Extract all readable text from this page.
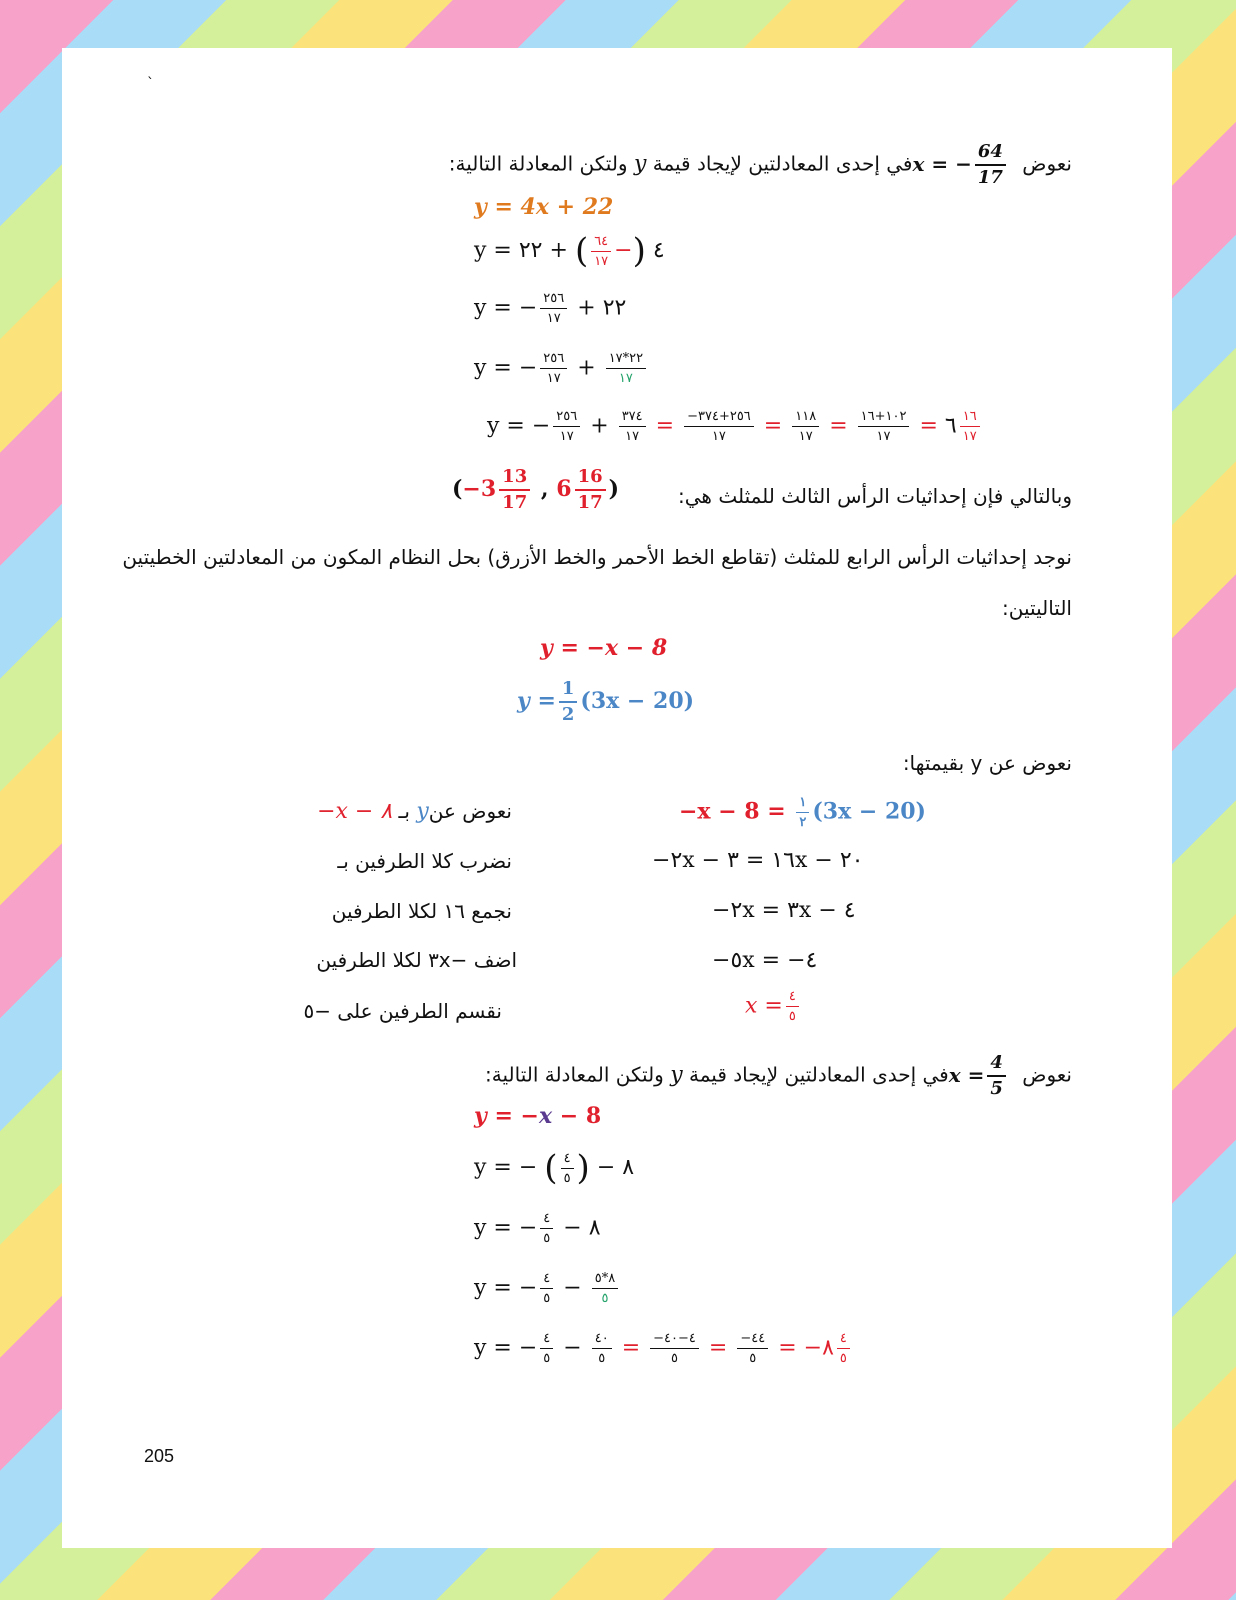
`
نعوض x = − $\frac{64}{17}$
في إحدى المعادلتين لإيجاد قيمة y ولتكن المعادلة التالية:
y = 4x + 22
y = ٤ (−
$\frac{٦٤}{١٧}$
) + ٢٢
y = − $\frac{٢٥٦}{١٧}$ + ٢٢
y = − $\frac{٢٥٦}{١٧} + \frac{٢٢*١٧}{١٧}$
y = − $\frac{٢٥٦}{١٧} + \frac{٣٧٤}{١٧} = \frac{-٢٥٦+٣٧٤}{١٧} = \frac{١١٨}{١٧} = \frac{١٠٢+١٦}{١٧}$ = ٦ $\frac{١٦}{١٧}$
وبالتالي فإن إحداثيات الرأس الثالث للمثلث هي:
($-3 \frac{13}{17}$ , $6 \frac{16}{17}$ )
نوجد إحداثيات الرأس الرابع للمثلث (تقاطع الخط الأحمر والخط الأزرق) بحل النظام المكون من المعادلتين الخطيتين
التاليتين:
y = −x − 8
$y = \frac{1}{2} (3x - 20)$
نعوض عن y بقيمتها:
$-x - 8 = \frac{١}{٢} (3x - 20)$
نعوض عنy بـ −x − ٨
−٢x − ١٦ = ٣x − ٢٠
نضرب كلا الطرفين بـ
−٢x = ٣x − ٤
نجمع ١٦ لكلا الطرفين
−٥x = −٤
اضف −٣x لكلا الطرفين
$x = \frac{٤}{٥}$
نقسم الطرفين على −٥
نعوض $x = \frac{4}{5}$
في إحدى المعادلتين لإيجاد قيمة y ولتكن المعادلة التالية:
y = −x − 8
y = − ( $\frac{٤}{٥}$ ) − ٨
y = − $\frac{٤}{٥}$ − ٨
y = − $\frac{٤}{٥} - \frac{٨*٥}{٥}$
y = − $\frac{٤}{٥} - \frac{٤٠}{٥} = \frac{-٤-٤٠}{٥} = \frac{-٤٤}{٥}$ = −٨ $\frac{٤}{٥}$
205
